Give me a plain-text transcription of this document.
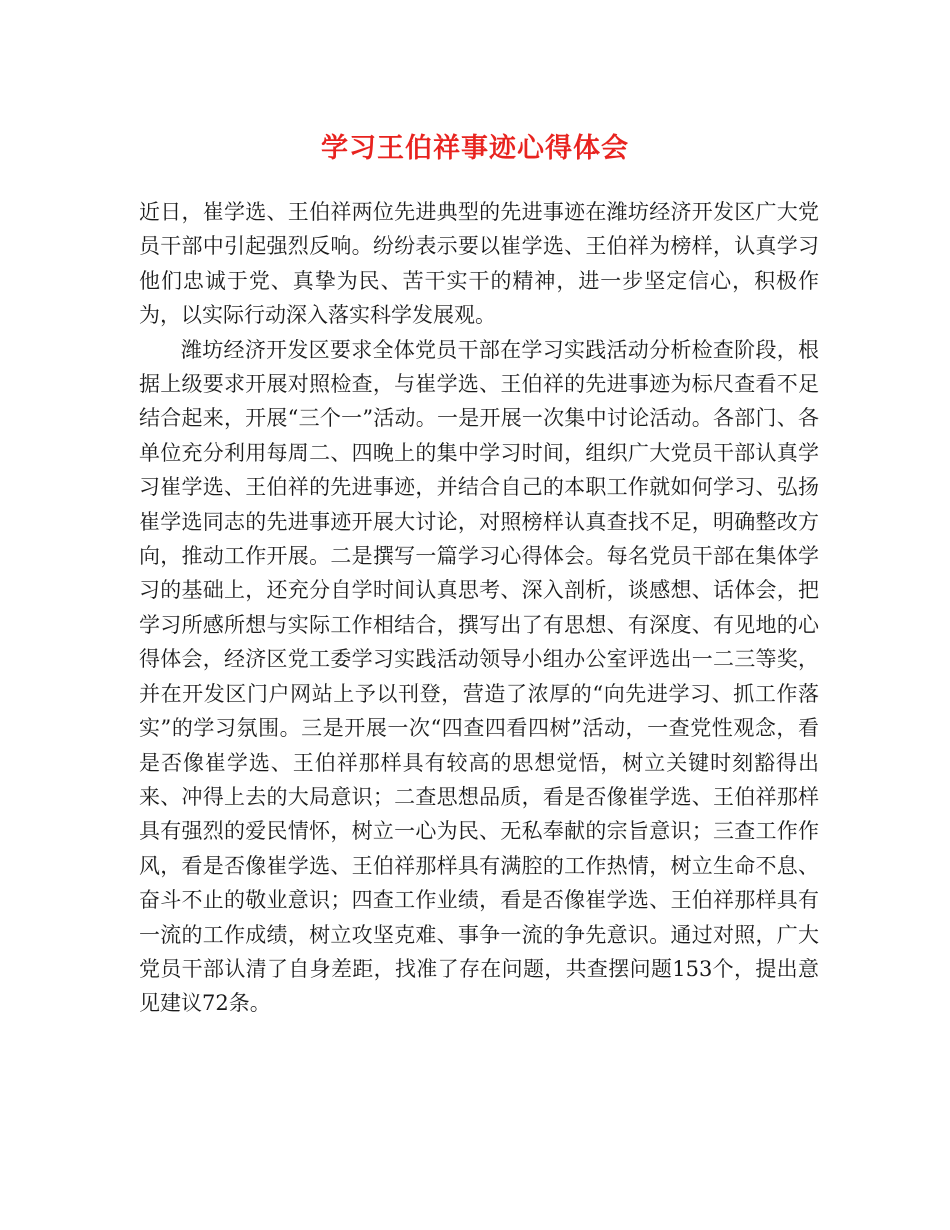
学习王伯祥事迹心得体会

近日，崔学选、王伯祥两位先进典型的先进事迹在潍坊经济开发区广大党员干部中引起强烈反响。纷纷表示要以崔学选、王伯祥为榜样，认真学习他们忠诚于党、真挚为民、苦干实干的精神，进一步坚定信心，积极作为，以实际行动深入落实科学发展观。

潍坊经济开发区要求全体党员干部在学习实践活动分析检查阶段，根据上级要求开展对照检查，与崔学选、王伯祥的先进事迹为标尺查看不足结合起来，开展“三个一”活动。一是开展一次集中讨论活动。各部门、各单位充分利用每周二、四晚上的集中学习时间，组织广大党员干部认真学习崔学选、王伯祥的先进事迹，并结合自己的本职工作就如何学习、弘扬崔学选同志的先进事迹开展大讨论，对照榜样认真查找不足，明确整改方向，推动工作开展。二是撰写一篇学习心得体会。每名党员干部在集体学习的基础上，还充分自学时间认真思考、深入剖析，谈感想、话体会，把学习所感所想与实际工作相结合，撰写出了有思想、有深度、有见地的心得体会，经济区党工委学习实践活动领导小组办公室评选出一二三等奖，并在开发区门户网站上予以刊登，营造了浓厚的“向先进学习、抓工作落实”的学习氛围。三是开展一次“四查四看四树”活动，一查党性观念，看是否像崔学选、王伯祥那样具有较高的思想觉悟，树立关键时刻豁得出来、冲得上去的大局意识；二查思想品质，看是否像崔学选、王伯祥那样具有强烈的爱民情怀，树立一心为民、无私奉献的宗旨意识；三查工作作风，看是否像崔学选、王伯祥那样具有满腔的工作热情，树立生命不息、奋斗不止的敬业意识；四查工作业绩，看是否像崔学选、王伯祥那样具有一流的工作成绩，树立攻坚克难、事争一流的争先意识。通过对照，广大党员干部认清了自身差距，找准了存在问题，共查摆问题153个，提出意见建议72条。
